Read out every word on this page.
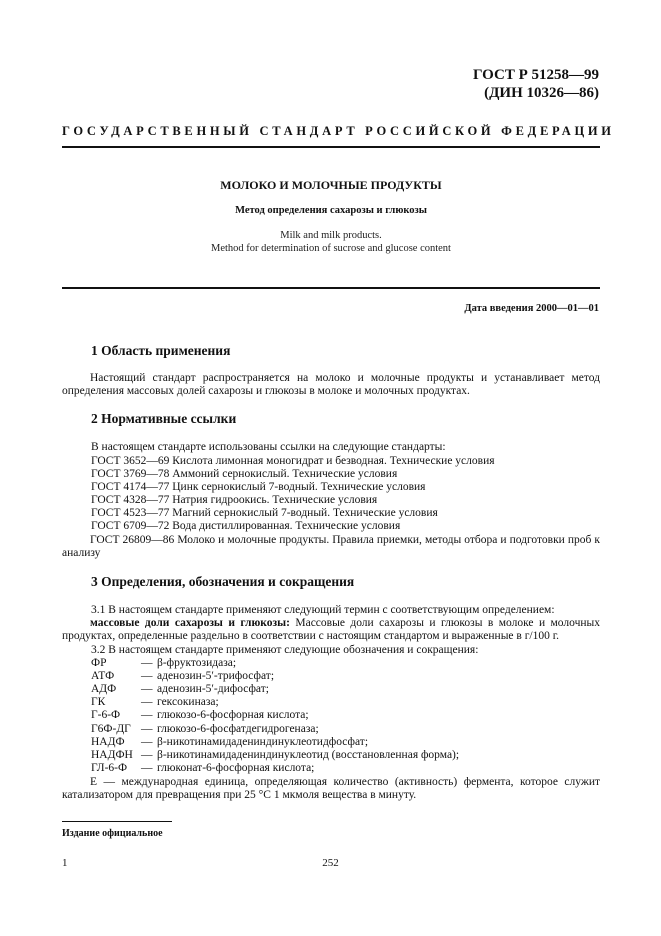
ГОСТ Р 51258—99
(ДИН 10326—86)
ГОСУДАРСТВЕННЫЙ СТАНДАРТ РОССИЙСКОЙ ФЕДЕРАЦИИ
МОЛОКО И МОЛОЧНЫЕ ПРОДУКТЫ
Метод определения сахарозы и глюкозы
Milk and milk products.
Method for determination of sucrose and glucose content
Дата введения 2000—01—01
1 Область применения
Настоящий стандарт распространяется на молоко и молочные продукты и устанавливает метод определения массовых долей сахарозы и глюкозы в молоке и молочных продуктах.
2 Нормативные ссылки
В настоящем стандарте использованы ссылки на следующие стандарты:
ГОСТ 3652—69 Кислота лимонная моногидрат и безводная. Технические условия
ГОСТ 3769—78 Аммоний сернокислый. Технические условия
ГОСТ 4174—77 Цинк сернокислый 7-водный. Технические условия
ГОСТ 4328—77 Натрия гидроокись. Технические условия
ГОСТ 4523—77 Магний сернокислый 7-водный. Технические условия
ГОСТ 6709—72 Вода дистиллированная. Технические условия
ГОСТ 26809—86 Молоко и молочные продукты. Правила приемки, методы отбора и подготовки проб к анализу
3 Определения, обозначения и сокращения
3.1 В настоящем стандарте применяют следующий термин с соответствующим определением:
массовые доли сахарозы и глюкозы: Массовые доли сахарозы и глюкозы в молоке и молочных продуктах, определенные раздельно в соответствии с настоящим стандартом и выраженные в г/100 г.
3.2 В настоящем стандарте применяют следующие обозначения и сокращения:
ФР	— β-фруктозидаза;
АТФ — аденозин-5′-трифосфат;
АДФ — аденозин-5′-дифосфат;
ГК	— гексокиназа;
Г-6-Ф — глюкозо-6-фосфорная кислота;
Г6Ф-ДГ — глюкозо-6-фосфатдегидрогеназа;
НАДФ — β-никотинамидадениндинуклеотидфосфат;
НАДФН — β-никотинамидадениндинуклеотид (восстановленная форма);
ГЛ-6-Ф — глюконат-6-фосфорная кислота;
Е — международная единица, определяющая количество (активность) фермента, которое служит катализатором для превращения при 25 °С 1 мкмоля вещества в минуту.
Издание официальное
1	252
